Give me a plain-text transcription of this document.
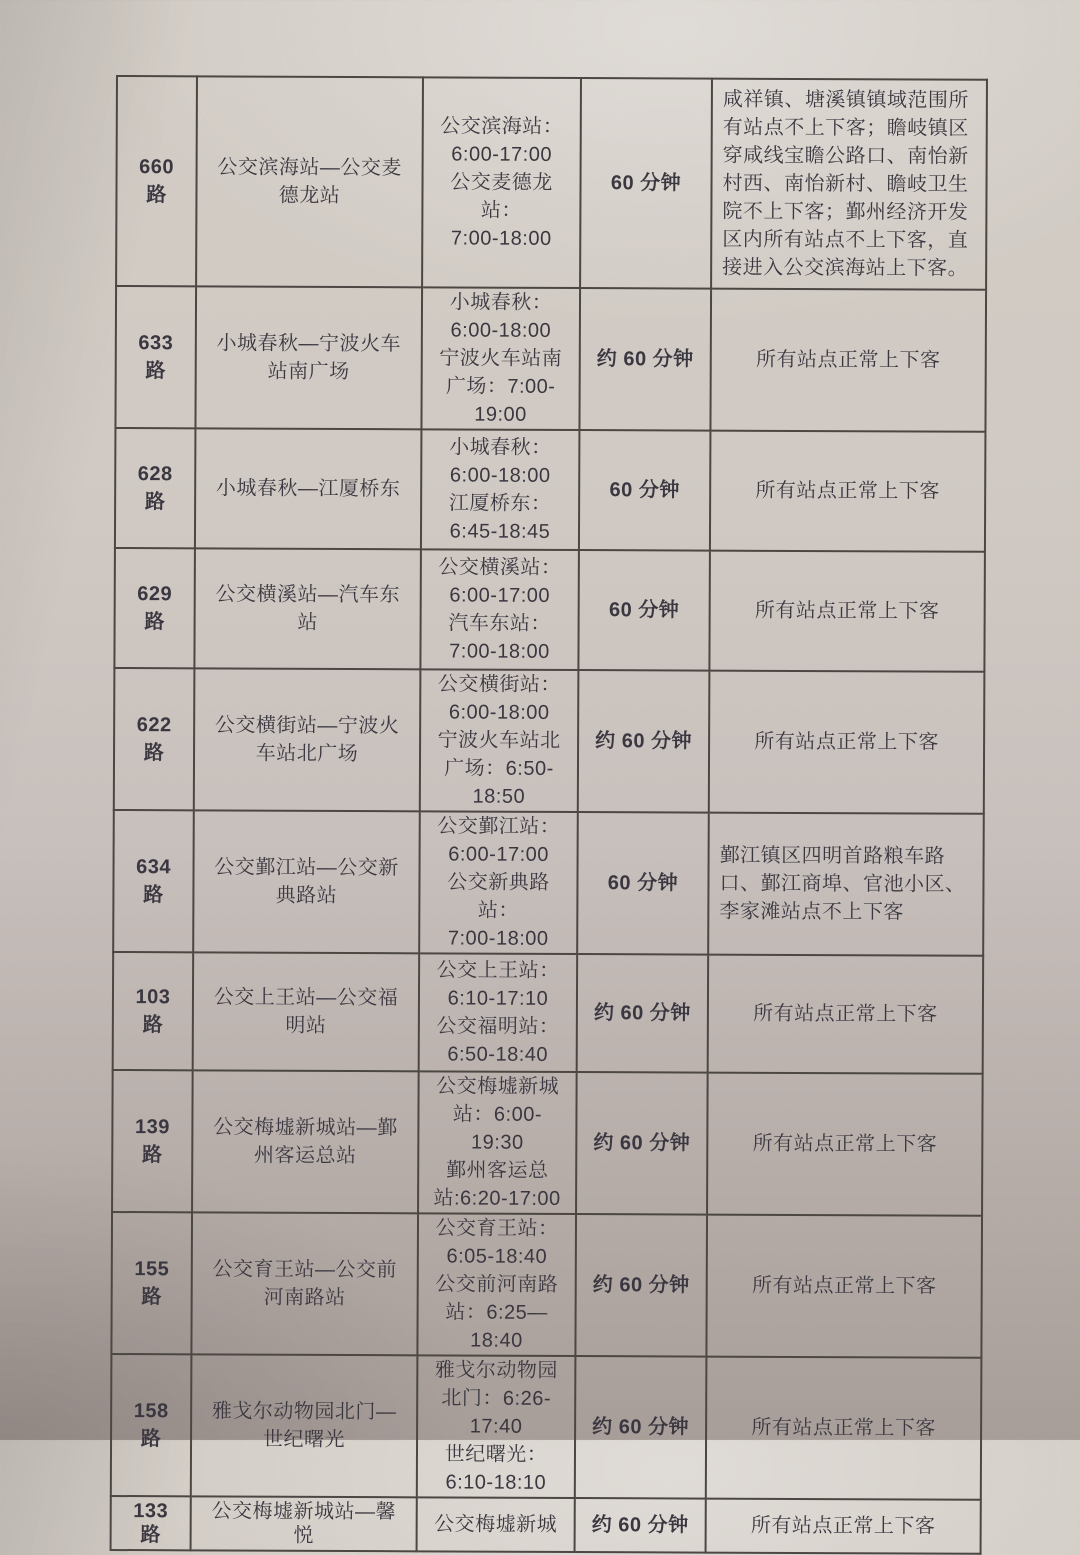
660 路	公交滨海站—公交麦德龙站	公交滨海站：
6:00-17:00
公交麦德龙站：
7:00-18:00	60 分钟	咸祥镇、塘溪镇镇域范围所有站点不上下客；瞻岐镇区穿咸线宝瞻公路口、南怡新村西、南怡新村、瞻岐卫生院不上下客；鄞州经济开发区内所有站点不上下客，直接进入公交滨海站上下客。
633 路	小城春秋—宁波火车站南广场	小城春秋：
6:00-18:00
宁波火车站南广场：7:00-19:00	约 60 分钟	所有站点正常上下客
628 路	小城春秋—江厦桥东	小城春秋：
6:00-18:00
江厦桥东：
6:45-18:45	60 分钟	所有站点正常上下客
629 路	公交横溪站—汽车东站	公交横溪站：
6:00-17:00
汽车东站：
7:00-18:00	60 分钟	所有站点正常上下客
622 路	公交横街站—宁波火车站北广场	公交横街站：
6:00-18:00
宁波火车站北广场：6:50-18:50	约 60 分钟	所有站点正常上下客
634 路	公交鄞江站—公交新典路站	公交鄞江站：
6:00-17:00
公交新典路站：
7:00-18:00	60 分钟	鄞江镇区四明首路粮车路口、鄞江商埠、官池小区、李家滩站点不上下客
103 路	公交上王站—公交福明站	公交上王站：
6:10-17:10
公交福明站：
6:50-18:40	约 60 分钟	所有站点正常上下客
139 路	公交梅墟新城站—鄞州客运总站	公交梅墟新城站：6:00-19:30
鄞州客运总站:6:20-17:00	约 60 分钟	所有站点正常上下客
155 路	公交育王站—公交前河南路站	公交育王站：
6:05-18:40
公交前河南路站：6:25—18:40	约 60 分钟	所有站点正常上下客
158 路	雅戈尔动物园北门—世纪曙光	雅戈尔动物园北门：6:26-17:40
世纪曙光：
6:10-18:10	约 60 分钟	所有站点正常上下客
133 路	公交梅墟新城站—馨悦	公交梅墟新城	约 60 分钟	所有站点正常上下客
